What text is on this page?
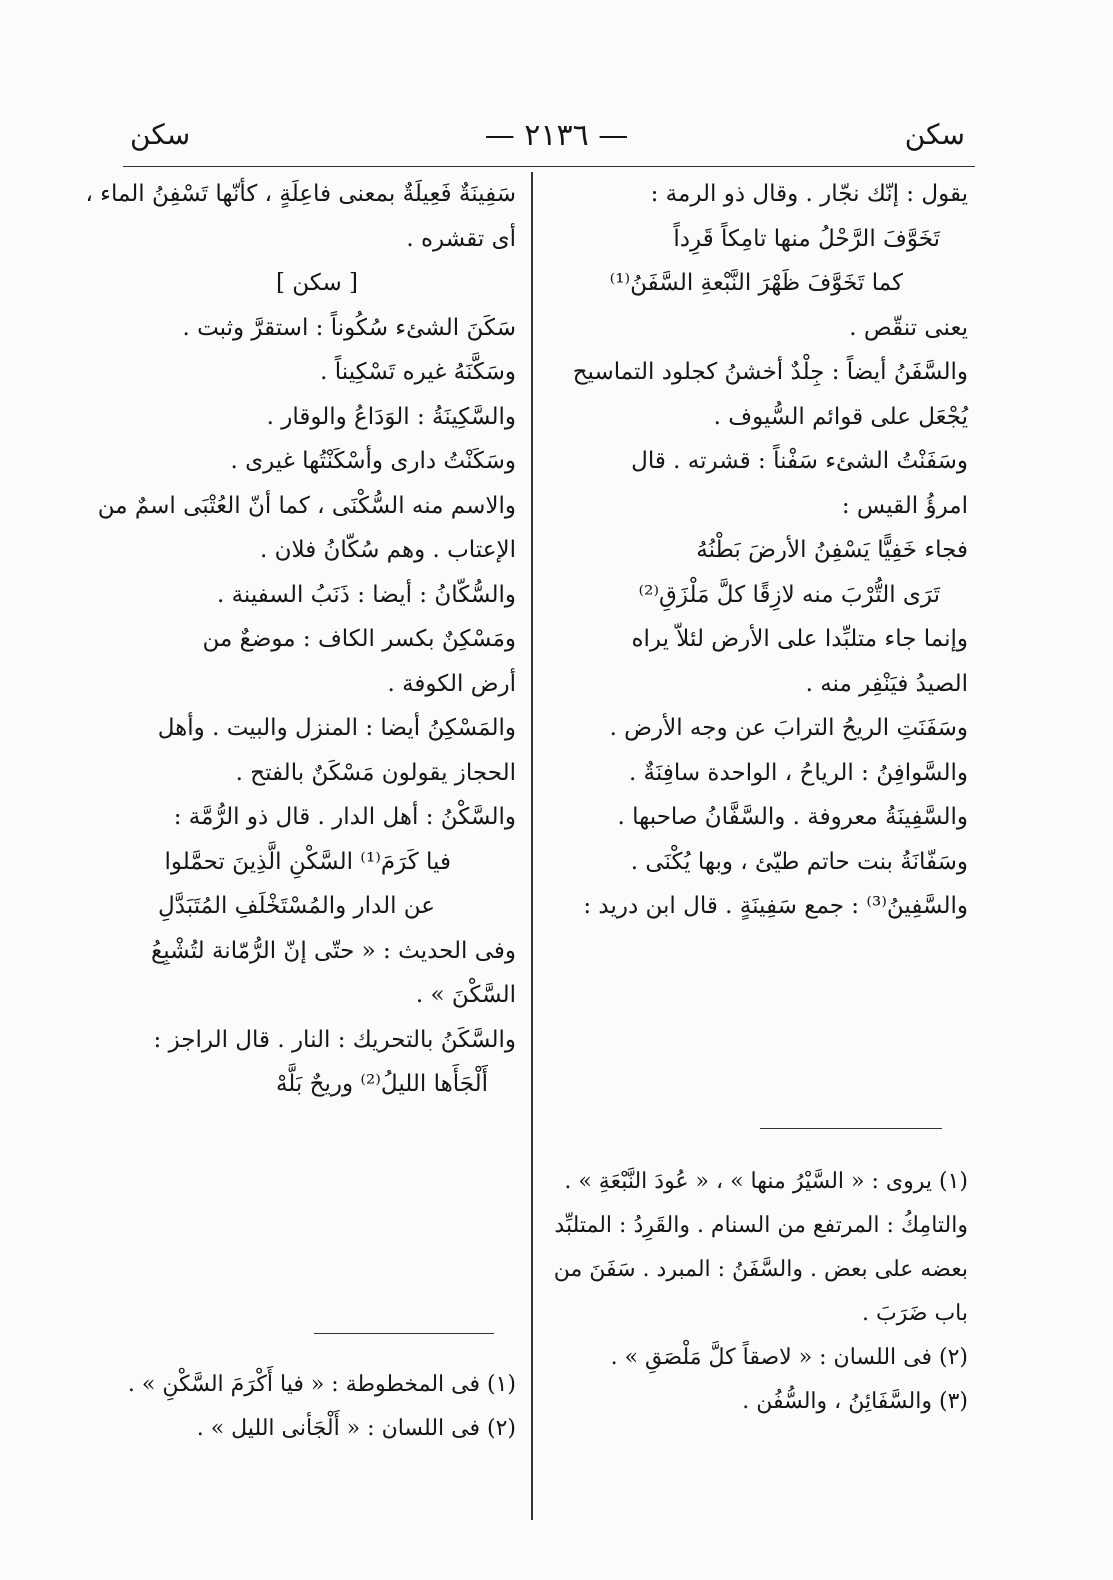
سكن
— ٢١٣٦ —
سكن

يقول : إنّك نجّار . وقال ذو الرمة :

تَخَوَّفَ الرَّحْلُ منها تامِكاً قَرِداً

كما تَخَوَّفَ ظَهْرَ النَّبْعةِ السَّفَنُ⁽¹⁾

يعنى تنقّص .

والسَّفَنُ أيضاً : جِلْدٌ أخشنُ كجلود التماسيح

يُجْعَل على قوائم السُّيوف .

وسَفَنْتُ الشئء سَفْناً : قشرته . قال

امرؤُ القيس :

فجاء خَفِيًّا يَسْفِنُ الأرضَ بَطْنُهُ

تَرَى التُّرْبَ منه لازِقًا كلَّ مَلْزَقِ⁽²⁾

وإنما جاء متلبِّدا على الأرض لئلاّ يراه

الصيدُ فيَنْفِر منه .

وسَفَنَتِ الريحُ الترابَ عن وجه الأرض .

والسَّوافِنُ : الرياحُ ، الواحدة سافِنَةٌ .

والسَّفِينَةُ معروفة . والسَّفَّانُ صاحبها .

وسَفّانَةُ بنت حاتم طيّئ ، وبها يُكْنَى .

والسَّفِينُ⁽³⁾ : جمع سَفِينَةٍ . قال ابن دريد :

سَفِينَةٌ فَعِيلَةٌ بمعنى فاعِلَةٍ ، كأنّها تَسْفِنُ الماء ،

أى تقشره .

[ سكن ]

سَكَنَ الشئء سُكُوناً : استقرَّ وثبت .

وسَكَّنَهُ غيره تَسْكِيناً .

والسَّكِينَةُ : الوَدَاعُ والوقار .

وسَكَنْتُ دارى وأسْكَنْتُها غيرى .

والاسم منه السُّكْنَى ، كما أنّ العُتْبَى اسمٌ من

الإعتاب . وهم سُكّانُ فلان .

والسُّكّانُ : أيضا : ذَنَبُ السفينة .

ومَسْكِنٌ بكسر الكاف : موضعٌ من

أرض الكوفة .

والمَسْكِنُ أيضا : المنزل والبيت . وأهل

الحجاز يقولون مَسْكَنٌ بالفتح .

والسَّكْنُ : أهل الدار . قال ذو الرُّمَّة :

فيا كَرَمَ⁽¹⁾ السَّكْنِ الَّذِينَ تحمَّلوا

عن الدار والمُسْتَخْلَفِ المُتَبَدَّلِ

وفى الحديث : « حتّى إنّ الرُّمّانة لتُشْبِعُ

السَّكْنَ » .

والسَّكَنُ بالتحريك : النار . قال الراجز :

أَلْجَأَها الليلُ⁽²⁾ وريحٌ بَلَّهْ

(١) يروى : « السَّيْرُ منها » ، « عُودَ النَّبْعَةِ » .

والتامِكُ : المرتفع من السنام . والقَرِدُ : المتلبِّد

بعضه على بعض . والسَّفَنُ : المبرد . سَفَنَ من

باب ضَرَبَ .

(٢) فى اللسان : « لاصقاً كلَّ مَلْصَقِ » .

(٣) والسَّفَائِنُ ، والسُّفُن .

(١) فى المخطوطة : « فيا أَكْرَمَ السَّكْنِ » .

(٢) فى اللسان : « أَلْجَأنى الليل » .
